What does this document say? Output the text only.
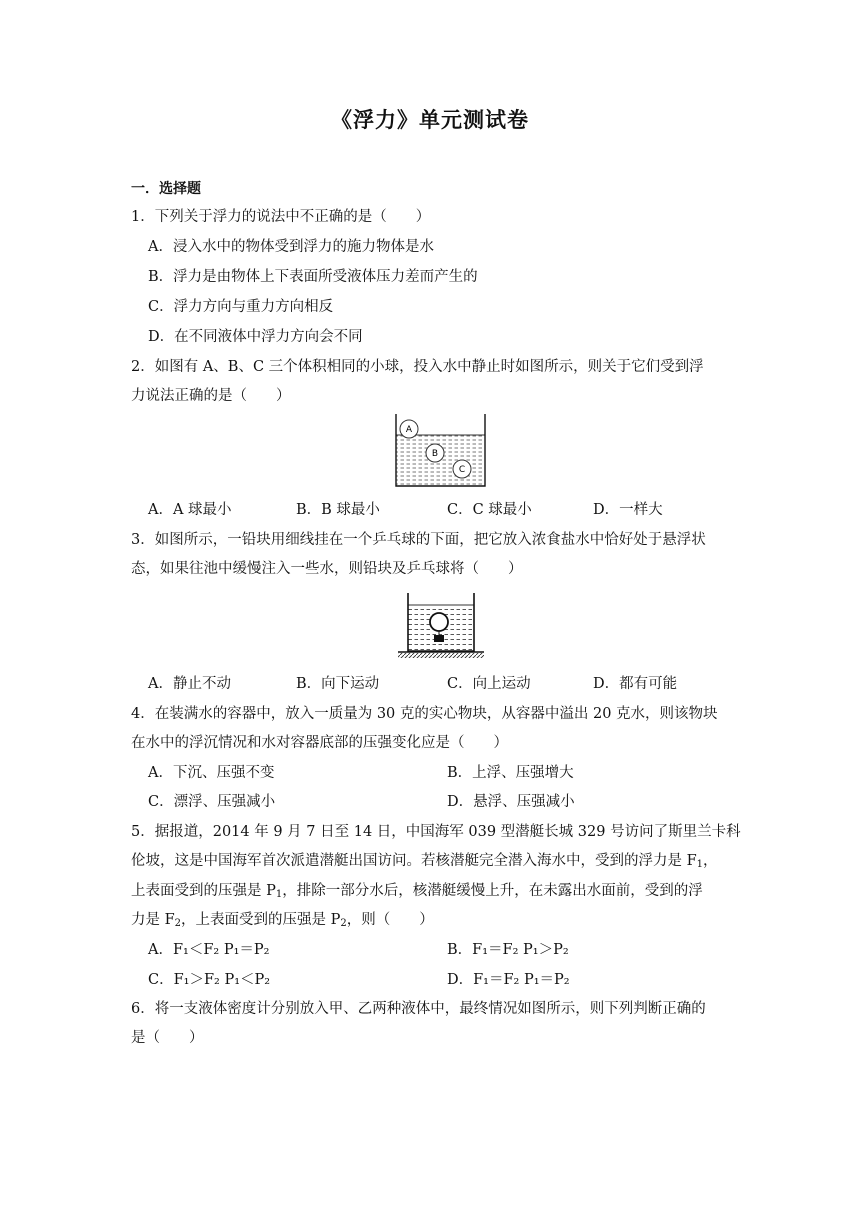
《浮力》单元测试卷
一．选择题
1．下列关于浮力的说法中不正确的是（　　）
A．浸入水中的物体受到浮力的施力物体是水
B．浮力是由物体上下表面所受液体压力差而产生的
C．浮力方向与重力方向相反
D．在不同液体中浮力方向会不同
2．如图有 A、B、C 三个体积相同的小球，投入水中静止时如图所示，则关于它们受到浮
力说法正确的是（　　）
A
B
C
A．A 球最小	B．B 球最小	C．C 球最小	D．一样大
3．如图所示，一铅块用细线挂在一个乒乓球的下面，把它放入浓食盐水中恰好处于悬浮状
态，如果往池中缓慢注入一些水，则铅块及乒乓球将（　　）
A．静止不动	B．向下运动	C．向上运动	D．都有可能
4．在装满水的容器中，放入一质量为 30 克的实心物块，从容器中溢出 20 克水，则该物块
在水中的浮沉情况和水对容器底部的压强变化应是（　　）
A．下沉、压强不变	B．上浮、压强增大
C．漂浮、压强减小	D．悬浮、压强减小
5．据报道，2014 年 9 月 7 日至 14 日，中国海军 039 型潜艇长城 329 号访问了斯里兰卡科
伦坡，这是中国海军首次派遣潜艇出国访问。若核潜艇完全潜入海水中，受到的浮力是 $F_1$，
上表面受到的压强是 $P_1$，排除一部分水后，核潜艇缓慢上升，在未露出水面前，受到的浮
力是 $F_2$，上表面受到的压强是 $P_2$，则（　　）
A．F₁＜F₂ P₁＝P₂	B．F₁＝F₂ P₁＞P₂
C．F₁＞F₂ P₁＜P₂	D．F₁＝F₂ P₁＝P₂
6．将一支液体密度计分别放入甲、乙两种液体中，最终情况如图所示，则下列判断正确的
是（　　）
